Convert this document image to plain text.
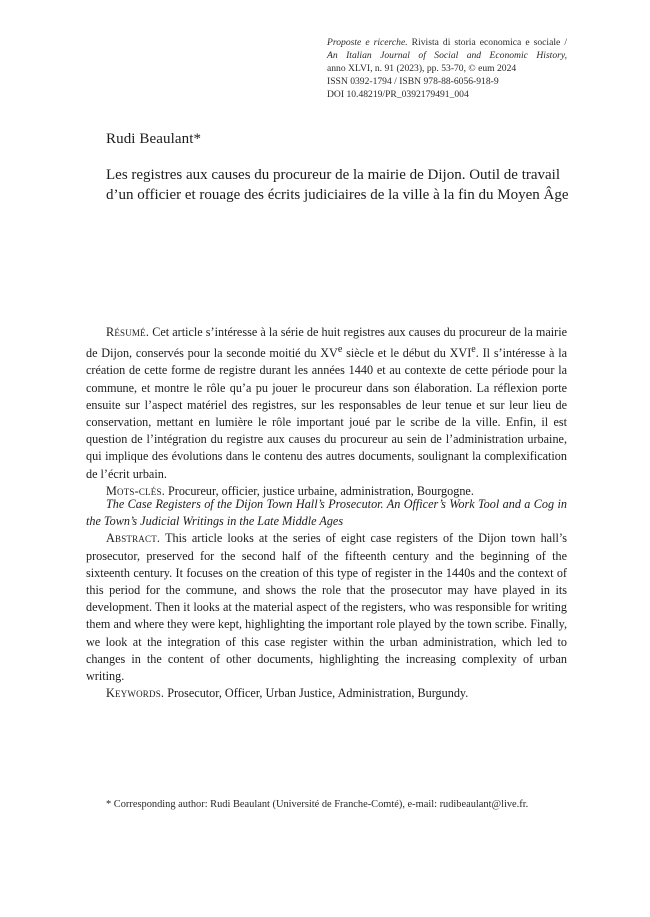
Proposte e ricerche. Rivista di storia economica e sociale /
An Italian Journal of Social and Economic History,
anno XLVI, n. 91 (2023), pp. 53-70, © eum 2024
ISSN 0392-1794 / ISBN 978-88-6056-918-9
DOI 10.48219/PR_0392179491_004
Rudi Beaulant*
Les registres aux causes du procureur de la mairie de Dijon. Outil de travail
d’un officier et rouage des écrits judiciaires de la ville à la fin du Moyen Âge

Résumé. Cet article s’intéresse à la série de huit registres aux causes du procureur de la mairie de Dijon, conservés pour la seconde moitié du XVe siècle et le début du XVIe. Il s’intéresse à la création de cette forme de registre durant les années 1440 et au contexte de cette période pour la commune, et montre le rôle qu’a pu jouer le procureur dans son élaboration. La réflexion porte ensuite sur l’aspect matériel des registres, sur les responsables de leur tenue et sur leur lieu de conservation, mettant en lumière le rôle important joué par le scribe de la ville. Enfin, il est question de l’intégration du registre aux causes du procureur au sein de l’administration urbaine, qui implique des évolutions dans le contenu des autres documents, soulignant la complexification de l’écrit urbain.

Mots-clés. Procureur, officier, justice urbaine, administration, Bourgogne.

The Case Registers of the Dijon Town Hall’s Prosecutor. An Officer’s Work Tool and a Cog in the Town’s Judicial Writings in the Late Middle Ages

Abstract. This article looks at the series of eight case registers of the Dijon town hall’s prosecutor, preserved for the second half of the fifteenth century and the beginning of the sixteenth century. It focuses on the creation of this type of register in the 1440s and the context of this period for the commune, and shows the role that the prosecutor may have played in its development. Then it looks at the material aspect of the registers, who was responsible for writing them and where they were kept, highlighting the important role played by the town scribe. Finally, we look at the integration of this case register within the urban administration, which led to changes in the content of other documents, highlighting the increasing complexity of urban writing.

Keywords. Prosecutor, Officer, Urban Justice, Administration, Burgundy.

* Corresponding author: Rudi Beaulant (Université de Franche-Comté), e-mail: rudibeaulant@live.fr.
